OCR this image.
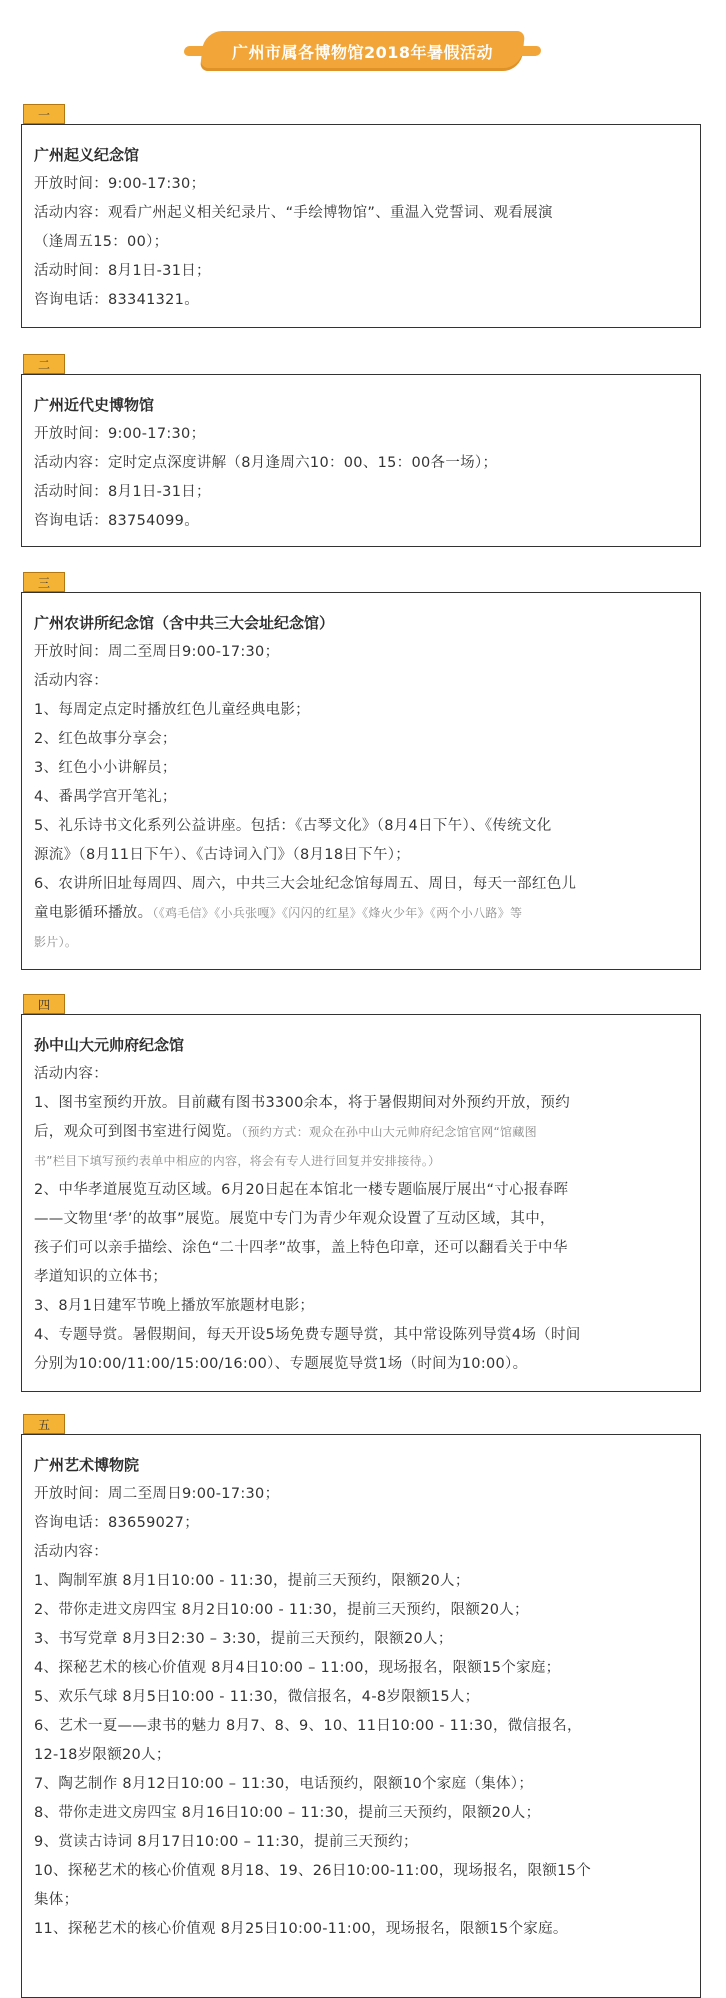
广州市属各博物馆2018年暑假活动
一
广州起义纪念馆
开放时间：9:00-17:30；
活动内容：观看广州起义相关纪录片、“手绘博物馆”、重温入党誓词、观看展演
（逢周五15：00）；
活动时间：8月1日-31日；
咨询电话：83341321。
二
广州近代史博物馆
开放时间：9:00-17:30；
活动内容：定时定点深度讲解（8月逢周六10：00、15：00各一场）；
活动时间：8月1日-31日；
咨询电话：83754099。
三
广州农讲所纪念馆（含中共三大会址纪念馆）
开放时间：周二至周日9:00-17:30；
活动内容：
1、每周定点定时播放红色儿童经典电影；
2、红色故事分享会；
3、红色小小讲解员；
4、番禺学宫开笔礼；
5、礼乐诗书文化系列公益讲座。包括：《古琴文化》（8月4日下午）、《传统文化
源流》（8月11日下午）、《古诗词入门》（8月18日下午）；
6、农讲所旧址每周四、周六，中共三大会址纪念馆每周五、周日，每天一部红色儿
童电影循环播放。（《鸡毛信》《小兵张嘎》《闪闪的红星》《烽火少年》《两个小八路》等
影片）。
四
孙中山大元帅府纪念馆
活动内容：
1、图书室预约开放。目前藏有图书3300余本，将于暑假期间对外预约开放，预约
后，观众可到图书室进行阅览。（预约方式：观众在孙中山大元帅府纪念馆官网“馆藏图
书”栏目下填写预约表单中相应的内容，将会有专人进行回复并安排接待。）
2、中华孝道展览互动区域。6月20日起在本馆北一楼专题临展厅展出“寸心报春晖
——文物里‘孝’的故事”展览。展览中专门为青少年观众设置了互动区域，其中，
孩子们可以亲手描绘、涂色“二十四孝”故事，盖上特色印章，还可以翻看关于中华
孝道知识的立体书；
3、8月1日建军节晚上播放军旅题材电影；
4、专题导赏。暑假期间，每天开设5场免费专题导赏，其中常设陈列导赏4场（时间
分别为10:00/11:00/15:00/16:00）、专题展览导赏1场（时间为10:00）。
五
广州艺术博物院
开放时间：周二至周日9:00-17:30；
咨询电话：83659027；
活动内容：
1、陶制军旗 8月1日10:00 - 11:30，提前三天预约，限额20人；
2、带你走进文房四宝 8月2日10:00 - 11:30，提前三天预约，限额20人；
3、书写党章 8月3日2:30 – 3:30，提前三天预约，限额20人；
4、探秘艺术的核心价值观 8月4日10:00 – 11:00，现场报名，限额15个家庭；
5、欢乐气球 8月5日10:00 - 11:30，微信报名，4-8岁限额15人；
6、艺术一夏——隶书的魅力 8月7、8、9、10、11日10:00 - 11:30，微信报名，
12-18岁限额20人；
7、陶艺制作 8月12日10:00 – 11:30，电话预约，限额10个家庭（集体）；
8、带你走进文房四宝 8月16日10:00 – 11:30，提前三天预约，限额20人；
9、赏读古诗词 8月17日10:00 – 11:30，提前三天预约；
10、探秘艺术的核心价值观 8月18、19、26日10:00-11:00，现场报名，限额15个
集体；
11、探秘艺术的核心价值观 8月25日10:00-11:00，现场报名，限额15个家庭。
